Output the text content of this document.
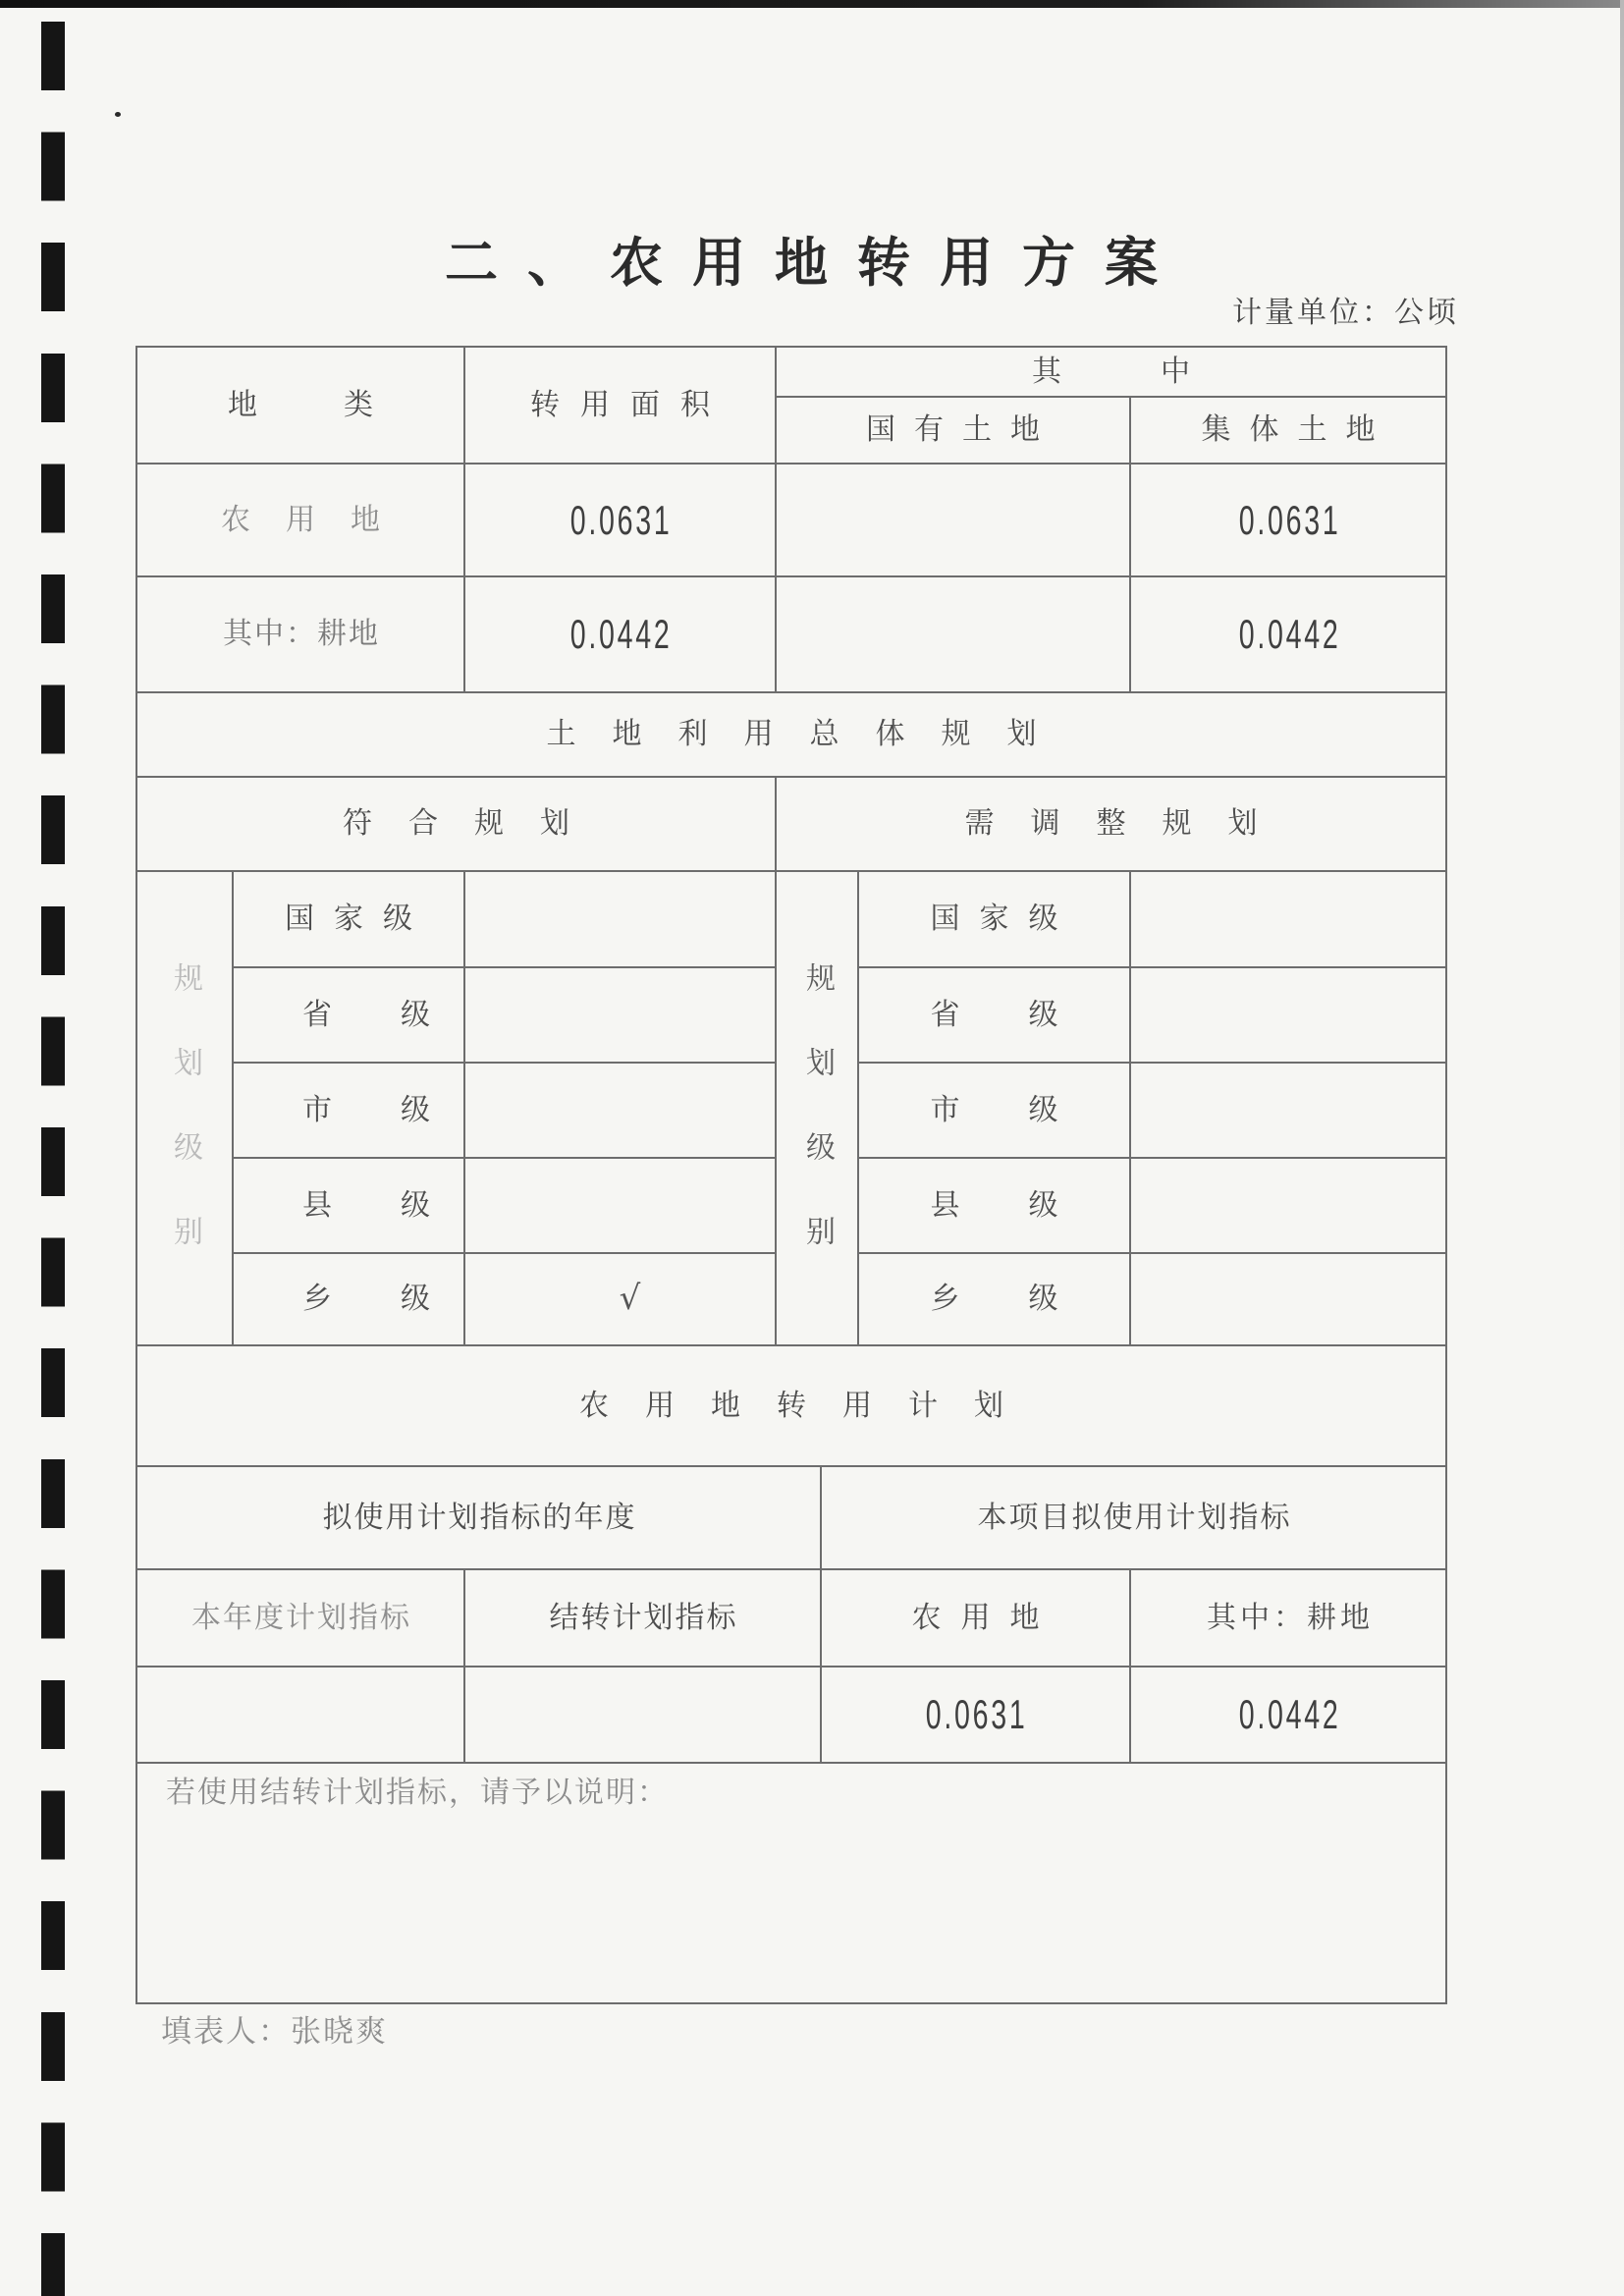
二、农用地转用方案
计量单位：公顷
地类		转用面积	其中			
			国有土地			集体土地
农用地		0.0631				0.0631
其中：耕地		0.0442				0.0442
土地利用总体规划						
符合规划			需调整规划			
规划级别	国家级		规划级别		国家级	
	省级				省级	
	市级				市级	
	县级				县级	
	乡级	√			乡级	
农用地转用计划						
拟使用计划指标的年度				本项目拟使用计划指标		
本年度计划指标		结转计划指标		农用地		其中：耕地
				0.0631		0.0442

若使用结转计划指标，请予以说明：						
填表人：张晓爽
